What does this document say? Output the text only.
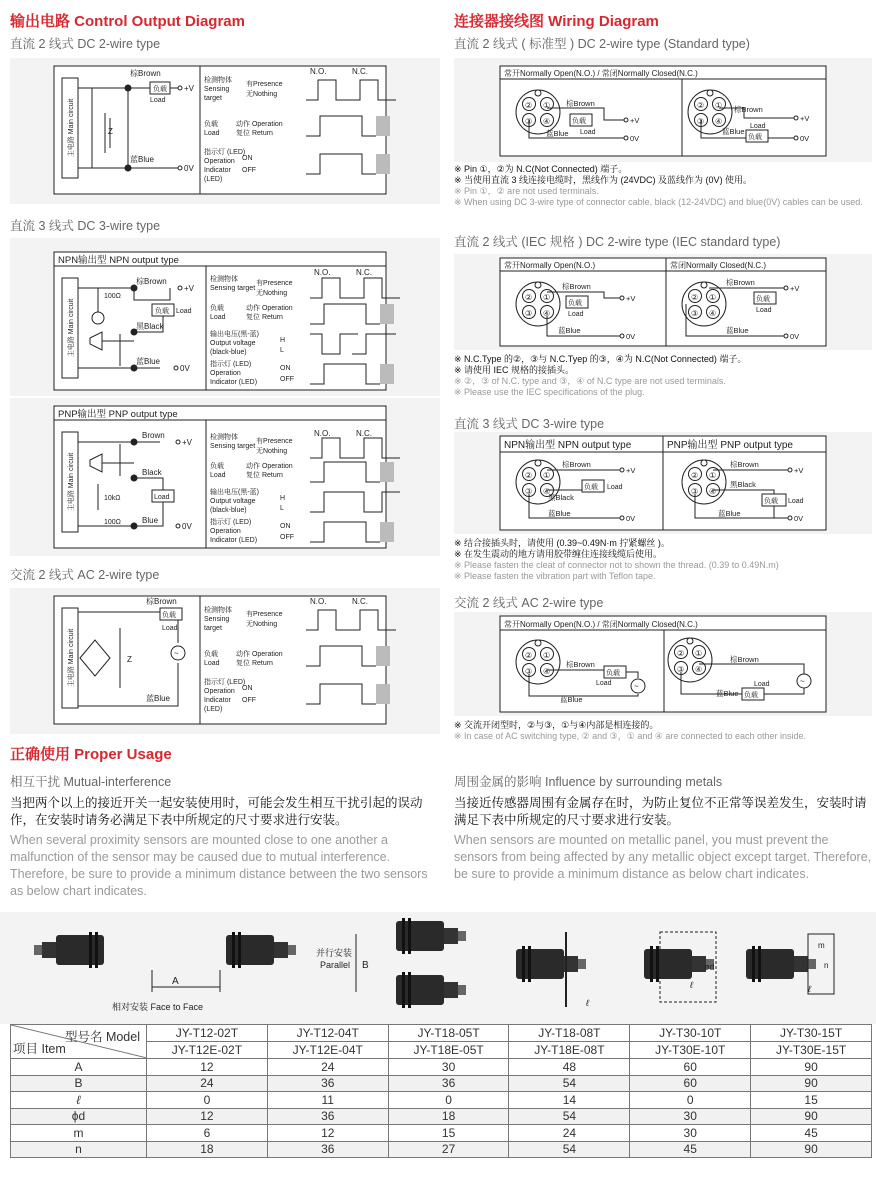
输出电路 Control Output Diagram
直流 2 线式 DC 2-wire type
主电路 Main circuit	Z
负载
Load
棕Brown
蓝Blue
+V
0V
N.O.	N.C.
检测物体
Sensing
target
有Presence
无Nothing
负载
Load
动作 Operation
复位 Return
指示灯 (LED)
Operation
Indicator
(LED)
ON
OFF
直流 3 线式 DC 3-wire type
NPN输出型 NPN output type
主电路 Main circuit
100Ω
负载 Load
棕Brown
黑Black
蓝Blue
+V
0V
N.O.	N.C.
检测物体
Sensing target
有Presence
无Nothing
负载
Load
动作 Operation
复位 Return
输出电压(黑-蓝)
Output voltage
(black-blue)
H
L
指示灯 (LED)
Operation
Indicator (LED)
ON
OFF
PNP输出型 PNP output type
主电路 Main circuit	10kΩ
100Ω
Load
Brown
Black
Blue
+V
0V
N.O.	N.C.
检测物体
Sensing target
有Presence
无Nothing
负载
Load
动作 Operation
复位 Return
输出电压(黑-蓝)
Output voltage
(black-blue)
H
L
指示灯 (LED)
Operation
Indicator (LED)
ON
OFF
交流 2 线式 AC 2-wire type
主电路 Main circuit	Z
负载
Load
~
棕Brown
蓝Blue
N.O.	N.C.
检测物体
Sensing
target
有Presence
无Nothing
负载
Load
动作 Operation
复位 Return
指示灯 (LED)
Operation
Indicator
(LED)
ON
OFF
连接器接线图 Wiring Diagram
直流 2 线式 ( 标准型 ) DC 2-wire type (Standard type)
常开Normally Open(N.O.) / 常闭Normally Closed(N.C.)
② ①
③ ④
棕Brown
负载
Load
蓝Blue
+V
0V
② ①
③ ④
棕Brown
负载
Load
蓝Blue
+V
0V
※ Pin ①，②为 N.C(Not Connected) 端子。
※ 当使用直流 3 线连接电缆时，黑线作为 (24VDC) 及蓝线作为 (0V) 使用。
※ Pin ①，② are not used terminals.
※ When using DC 3-wire type of connector cable, black (12-24VDC) and blue(0V) cables can be used.
直流 2 线式 (IEC 规格 ) DC 2-wire type (IEC standard type)
常开Normally Open(N.O.)	常闭Normally Closed(N.C.)
② ①
③ ④
棕Brown
负载
Load
蓝Blue
+V
0V
② ①
③ ④
棕Brown
负载
Load
蓝Blue
+V
0V
※ N.C.Type 的②，③与 N.C.Tyep 的③，④为 N.C(Not Connected) 端子。
※ 请使用 IEC 规格的接插头。
※ ②，③ of N.C. type and ③，④ of N.C type are not used terminals.
※ Please use the IEC specifications of the plug.
直流 3 线式 DC 3-wire type
NPN输出型 NPN output type	PNP输出型 PNP output type
② ①
③ ④
棕Brown
黑Black
负载 Load
蓝Blue
+V
0V
② ①
③ ④
棕Brown
黑Black
负载 Load
蓝Blue
+V
0V
※ 结合接插头时，请使用 (0.39~0.49N·m 拧紧螺丝 )。
※ 在发生震动的地方请用胶带缠住连接线缆后使用。
※ Please fasten the cleat of connector not to shown the thread. (0.39 to 0.49N.m)
※ Please fasten the vibration part with Teflon tape.
交流 2 线式 AC 2-wire type
常开Normally Open(N.O.) / 常闭Normally Closed(N.C.)
② ①
③ ④
棕Brown
负载
Load	~
蓝Blue
② ①
③ ④
棕Brown
负载
Load	~
蓝Blue
※ 交流开闭型时，②与③，①与④内部是相连接的。
※ In case of AC switching type, ② and ③，① and ④ are connected to each other inside.
正确使用 Proper Usage
相互干扰 Mutual-interference
当把两个以上的接近开关一起安装使用时，可能会发生相互干扰引起的误动作，在安装时请务必满足下表中所规定的尺寸要求进行安装。
When several proximity sensors are mounted close to one another a malfunction of the sensor may be caused due to mutual interference. Therefore, be sure to provide a minimum distance between the two sensors as below chart indicates.
周围金属的影响 Influence by surrounding metals
当接近传感器周围有金属存在时，为防止复位不正常等误差发生，安装时请满足下表中所规定的尺寸要求进行安装。
When sensors are mounted on metallic panel, you must prevent the sensors from being affected by any metallic object except target. Therefore, be sure to provide a minimum distance as below chart indicates.
A
相对安装 Face to Face
并行安装
Parallel B
ℓ
ød
ℓ
m
n
ℓ
型号名 Model
项目 Item	JY-T12-02T	JY-T12-04T	JY-T18-05T	JY-T18-08T	JY-T30-10T	JY-T30-15T
	JY-T12E-02T	JY-T12E-04T	JY-T18E-05T	JY-T18E-08T	JY-T30E-10T	JY-T30E-15T
A	12	24	30	48	60	90
B	24	36	36	54	60	90
ℓ	0	11	0	14	0	15
ϕd	12	36	18	54	30	90
m	6	12	15	24	30	45
n	18	36	27	54	45	90
